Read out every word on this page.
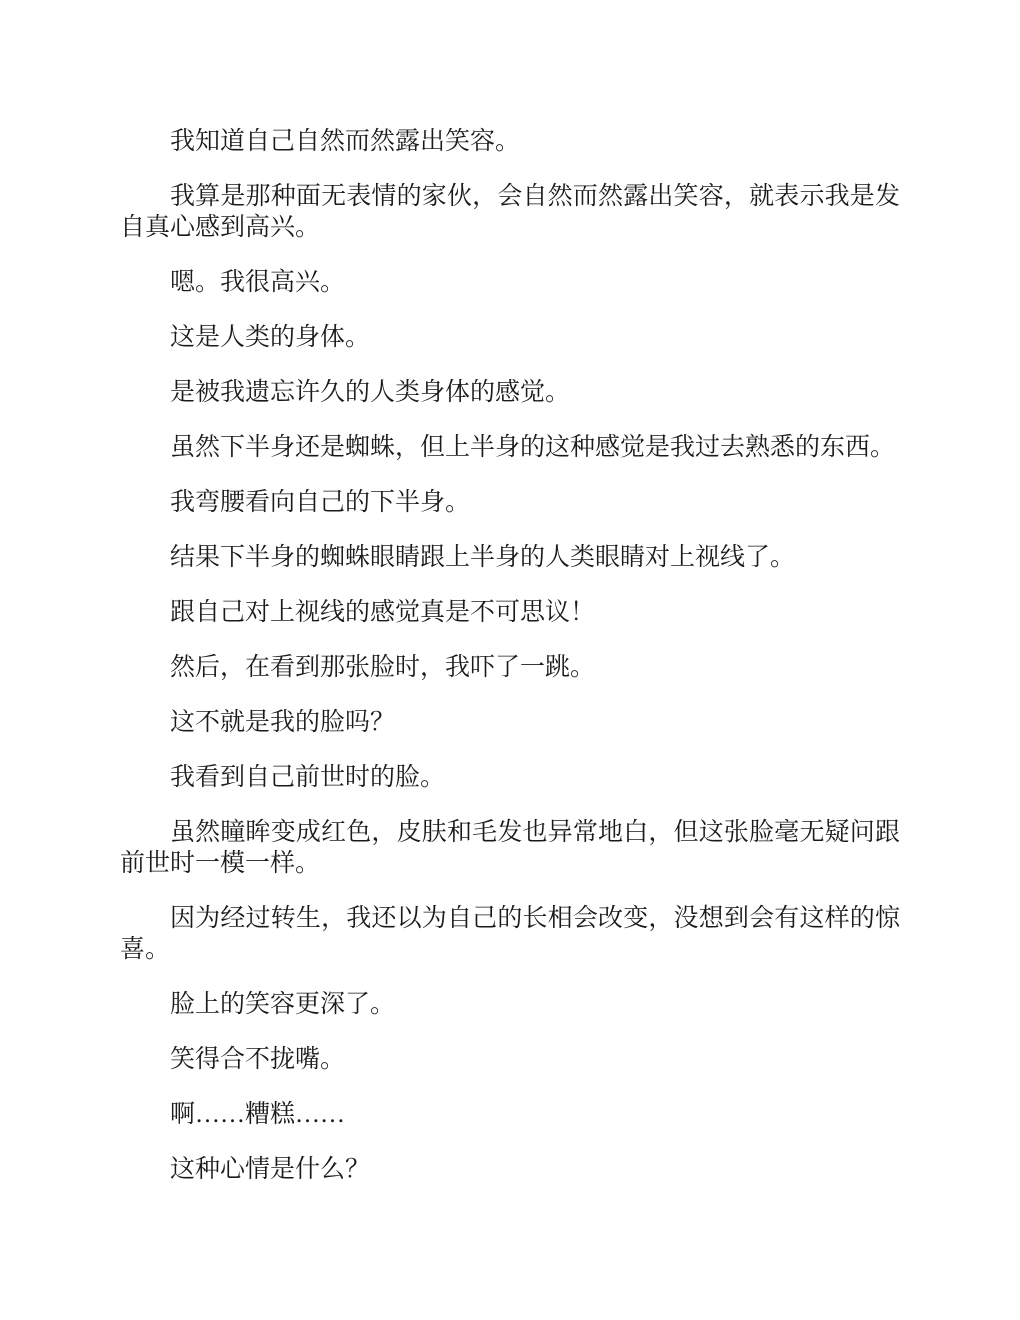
我知道自己自然而然露出笑容。

我算是那种面无表情的家伙，会自然而然露出笑容，就表示我是发自真心感到高兴。

嗯。我很高兴。

这是人类的身体。

是被我遗忘许久的人类身体的感觉。

虽然下半身还是蜘蛛，但上半身的这种感觉是我过去熟悉的东西。

我弯腰看向自己的下半身。

结果下半身的蜘蛛眼睛跟上半身的人类眼睛对上视线了。

跟自己对上视线的感觉真是不可思议！

然后，在看到那张脸时，我吓了一跳。

这不就是我的脸吗？

我看到自己前世时的脸。

虽然瞳眸变成红色，皮肤和毛发也异常地白，但这张脸毫无疑问跟前世时一模一样。

因为经过转生，我还以为自己的长相会改变，没想到会有这样的惊喜。

脸上的笑容更深了。

笑得合不拢嘴。

啊……糟糕……

这种心情是什么？
